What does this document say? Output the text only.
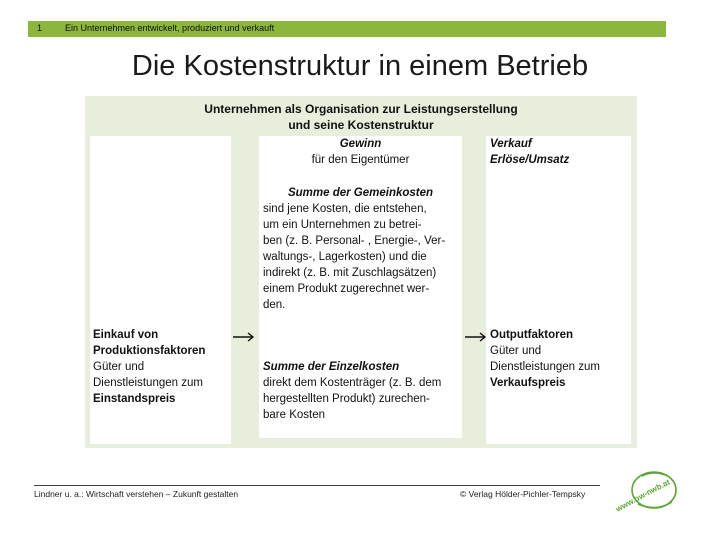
1	Ein Unternehmen entwickelt, produziert und verkauft
Die Kostenstruktur in einem Betrieb
Unternehmen als Organisation zur Leistungserstellung
und seine Kostenstruktur
Einkauf von
Produktionsfaktoren
Güter und
Dienstleistungen zum
Einstandspreis
Gewinn
für den Eigentümer
Summe der Gemeinkosten
sind jene Kosten, die entstehen,
um ein Unternehmen zu betrei-
ben (z. B. Personal- , Energie-, Ver-
waltungs-, Lagerkosten) und die
indirekt (z. B. mit Zuschlagsätzen)
einem Produkt zugerechnet wer-
den.
Summe der Einzelkosten
direkt dem Kostenträger (z. B. dem
hergestellten Produkt) zurechen-
bare Kosten
Verkauf
Erlöse/Umsatz
Outputfaktoren
Güter und
Dienstleistungen zum
Verkaufspreis
Lindner u. a.: Wirtschaft verstehen – Zukunft gestalten	© Verlag Hölder-Pichler-Tempsky
www.bw-nwb.at
